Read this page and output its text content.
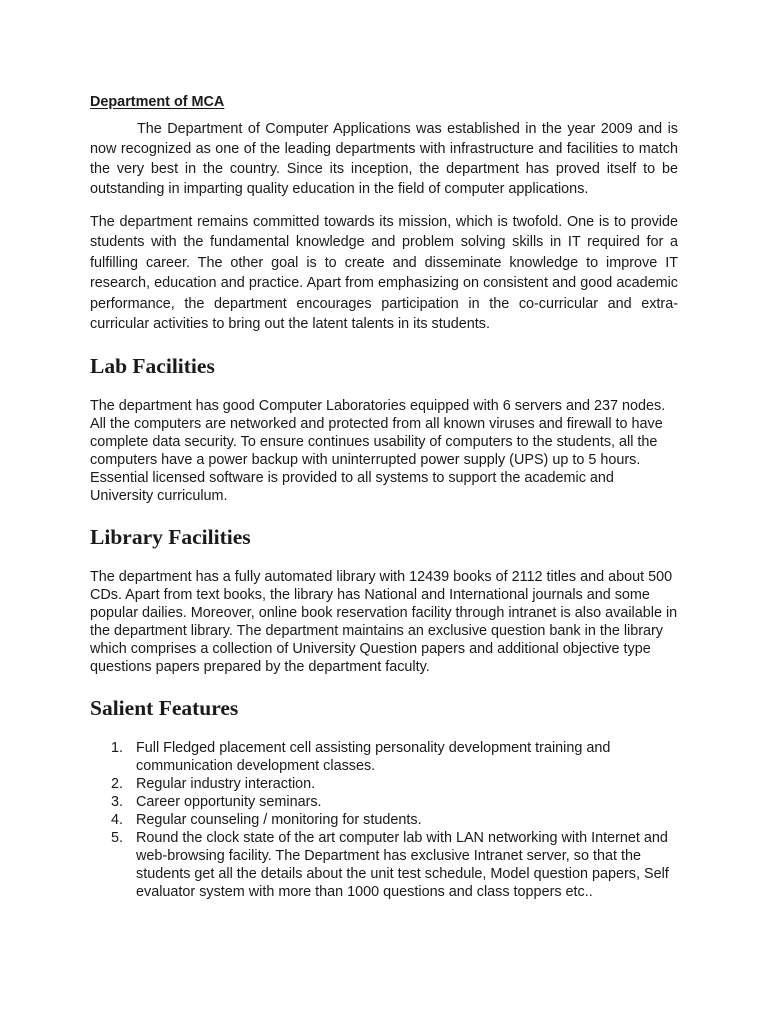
Department of MCA

The Department of Computer Applications was established in the year 2009 and is now recognized as one of the leading departments with infrastructure and facilities to match the very best in the country. Since its inception, the department has proved itself to be outstanding in imparting quality education in the field of computer applications.

The department remains committed towards its mission, which is twofold. One is to provide students with the fundamental knowledge and problem solving skills in IT required for a fulfilling career. The other goal is to create and disseminate knowledge to improve IT research, education and practice. Apart from emphasizing on consistent and good academic performance, the department encourages participation in the co-curricular and extra-curricular activities to bring out the latent talents in its students.

Lab Facilities

The department has good Computer Laboratories equipped with 6 servers and 237 nodes. All the computers are networked and protected from all known viruses and firewall to have complete data security. To ensure continues usability of computers to the students, all the computers have a power backup with uninterrupted power supply (UPS) up to 5 hours. Essential licensed software is provided to all systems to support the academic and University curriculum.

Library Facilities

The department has a fully automated library with 12439 books of 2112 titles and about 500 CDs. Apart from text books, the library has National and International journals and some popular dailies. Moreover, online book reservation facility through intranet is also available in the department library. The department maintains an exclusive question bank in the library which comprises a collection of University Question papers and additional objective type questions papers prepared by the department faculty.

Salient Features
1. Full Fledged placement cell assisting personality development training and communication development classes.
2. Regular industry interaction.
3. Career opportunity seminars.
4. Regular counseling / monitoring for students.
5. Round the clock state of the art computer lab with LAN networking with Internet and web-browsing facility. The Department has exclusive Intranet server, so that the students get all the details about the unit test schedule, Model question papers, Self evaluator system with more than 1000 questions and class toppers etc..
